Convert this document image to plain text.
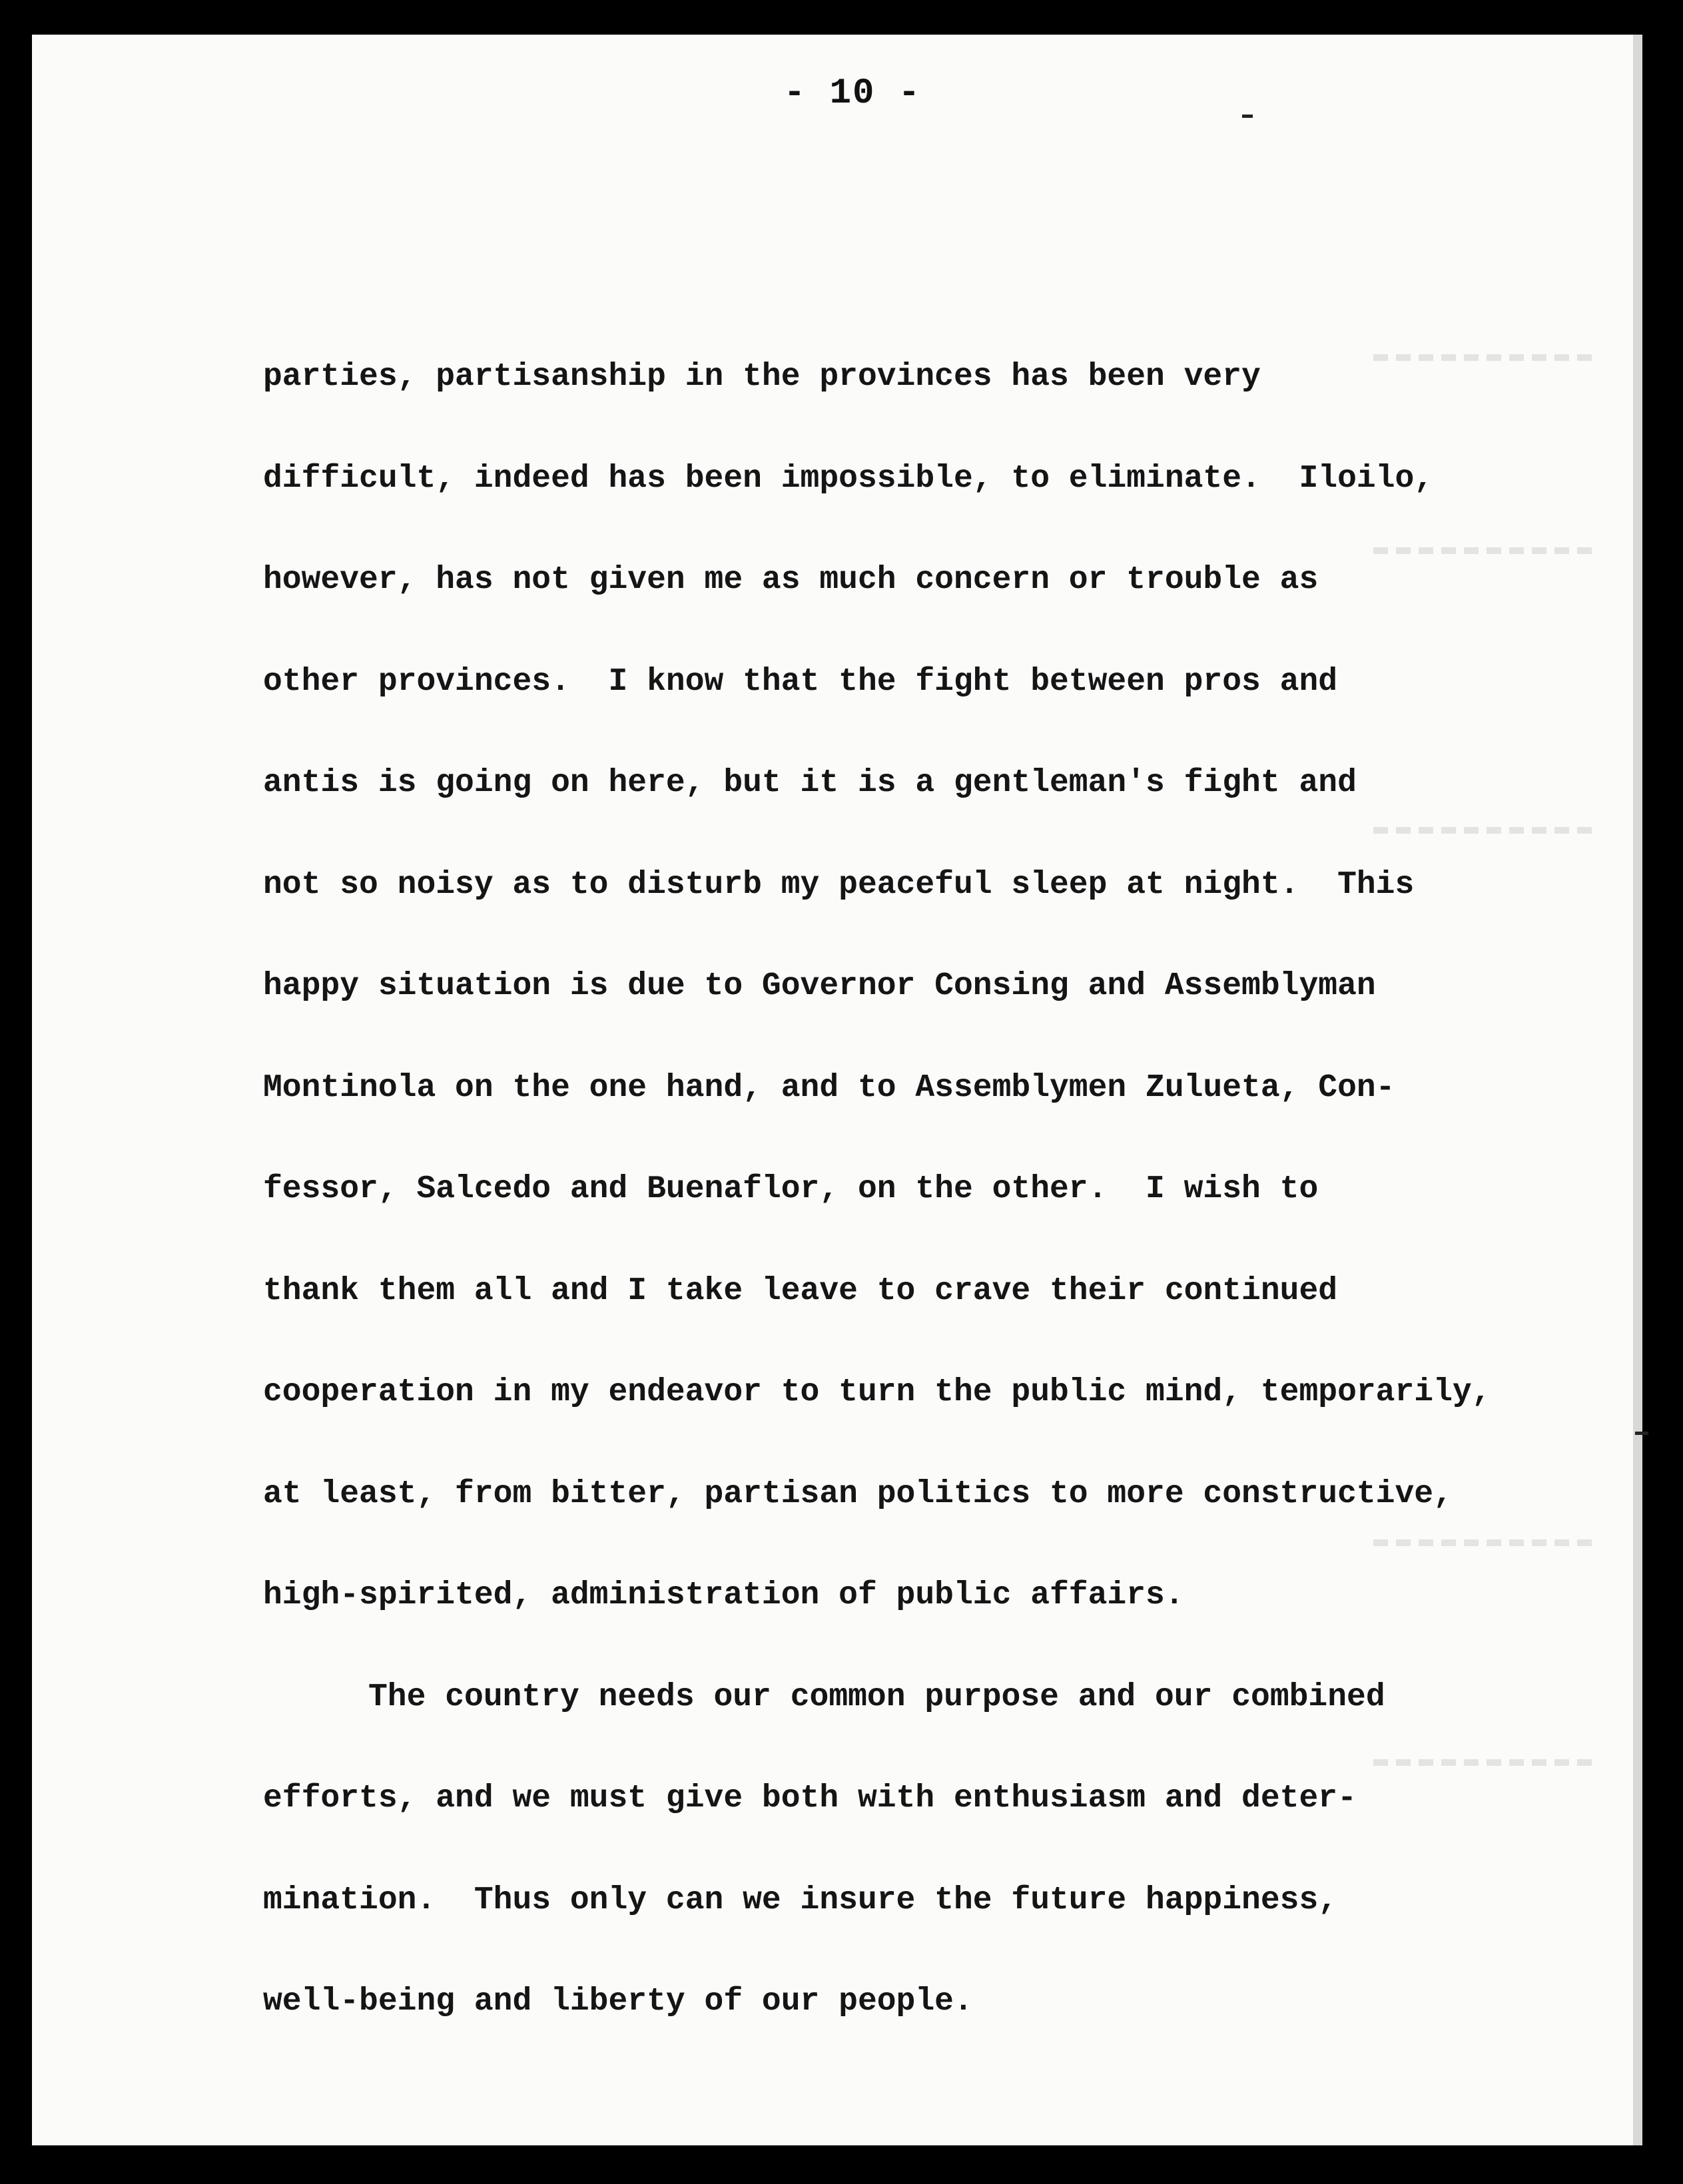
- 10 -
parties, partisanship in the provinces has been very
difficult, indeed has been impossible, to eliminate.  Iloilo,
however, has not given me as much concern or trouble as
other provinces.  I know that the fight between pros and
antis is going on here, but it is a gentleman's fight and
not so noisy as to disturb my peaceful sleep at night.  This
happy situation is due to Governor Consing and Assemblyman
Montinola on the one hand, and to Assemblymen Zulueta, Con-
fessor, Salcedo and Buenaflor, on the other.  I wish to
thank them all and I take leave to crave their continued
cooperation in my endeavor to turn the public mind, temporarily,
at least, from bitter, partisan politics to more constructive,
high-spirited, administration of public affairs.
The country needs our common purpose and our combined
efforts, and we must give both with enthusiasm and deter-
mination.  Thus only can we insure the future happiness,
well-being and liberty of our people.
